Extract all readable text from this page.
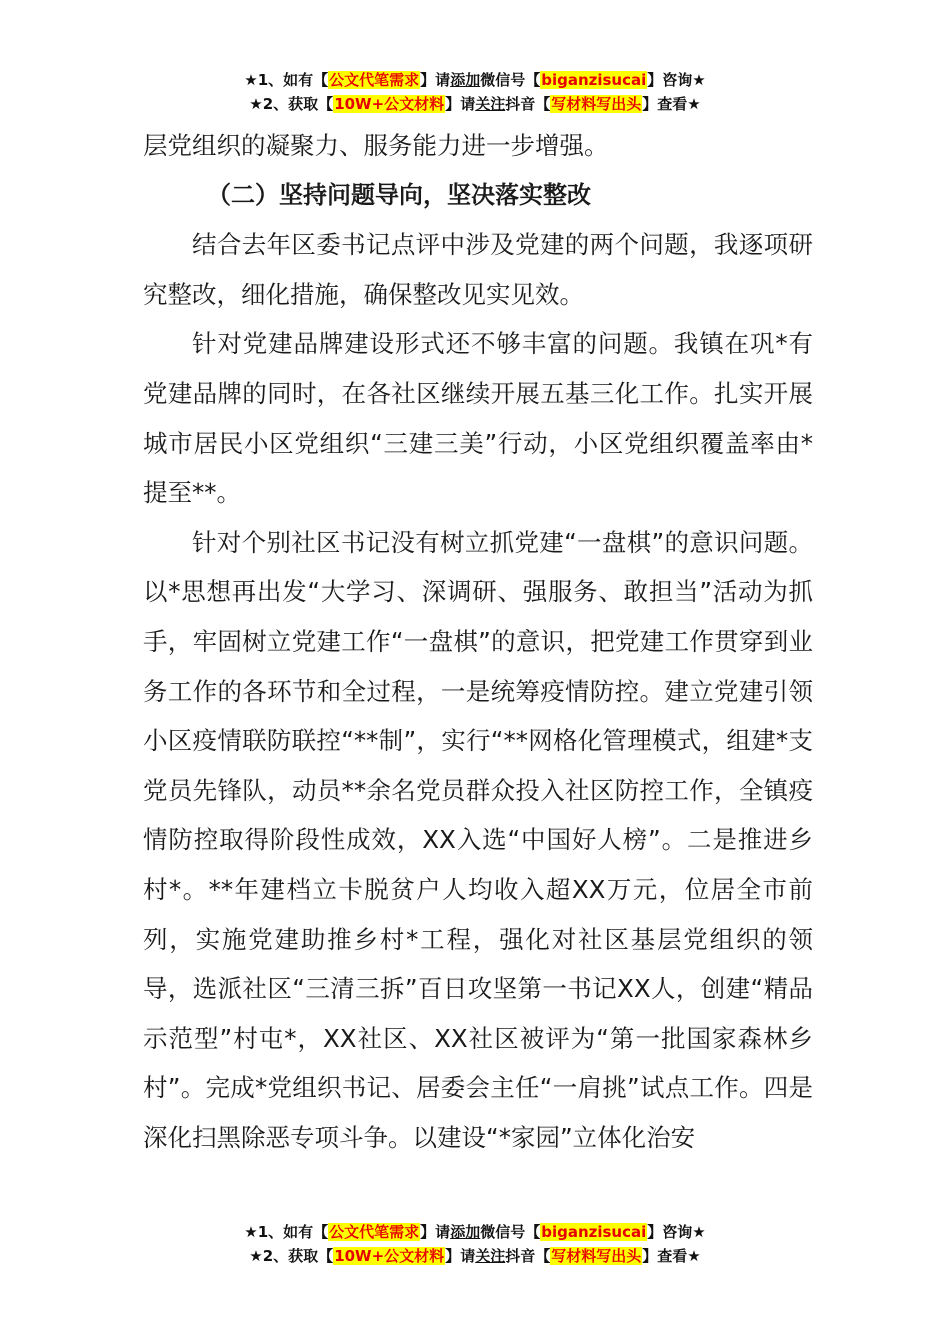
★1、如有【公文代笔需求】请添加微信号【biganzisucai】咨询★
★2、获取【10W+公文材料】请关注抖音【写材料写出头】查看★

层党组织的凝聚力、服务能力进一步增强。

（二）坚持问题导向，坚决落实整改

结合去年区委书记点评中涉及党建的两个问题，我逐项研究整改，细化措施，确保整改见实见效。

针对党建品牌建设形式还不够丰富的问题。我镇在巩*有党建品牌的同时，在各社区继续开展五基三化工作。扎实开展城市居民小区党组织“三建三美”行动，小区党组织覆盖率由*提至**。

针对个别社区书记没有树立抓党建“一盘棋”的意识问题。以*思想再出发“大学习、深调研、强服务、敢担当”活动为抓手，牢固树立党建工作“一盘棋”的意识，把党建工作贯穿到业务工作的各环节和全过程，一是统筹疫情防控。建立党建引领小区疫情联防联控“**制”，实行“**网格化管理模式，组建*支党员先锋队，动员**余名党员群众投入社区防控工作，全镇疫情防控取得阶段性成效，XX入选“中国好人榜”。二是推进乡村*。**年建档立卡脱贫户人均收入超XX万元，位居全市前列，实施党建助推乡村*工程，强化对社区基层党组织的领导，选派社区“三清三拆”百日攻坚第一书记XX人，创建“精品示范型”村屯*，XX社区、XX社区被评为“第一批国家森林乡村”。完成*党组织书记、居委会主任“一肩挑”试点工作。四是深化扫黑除恶专项斗争。以建设“*家园”立体化治安

★1、如有【公文代笔需求】请添加微信号【biganzisucai】咨询★
★2、获取【10W+公文材料】请关注抖音【写材料写出头】查看★
